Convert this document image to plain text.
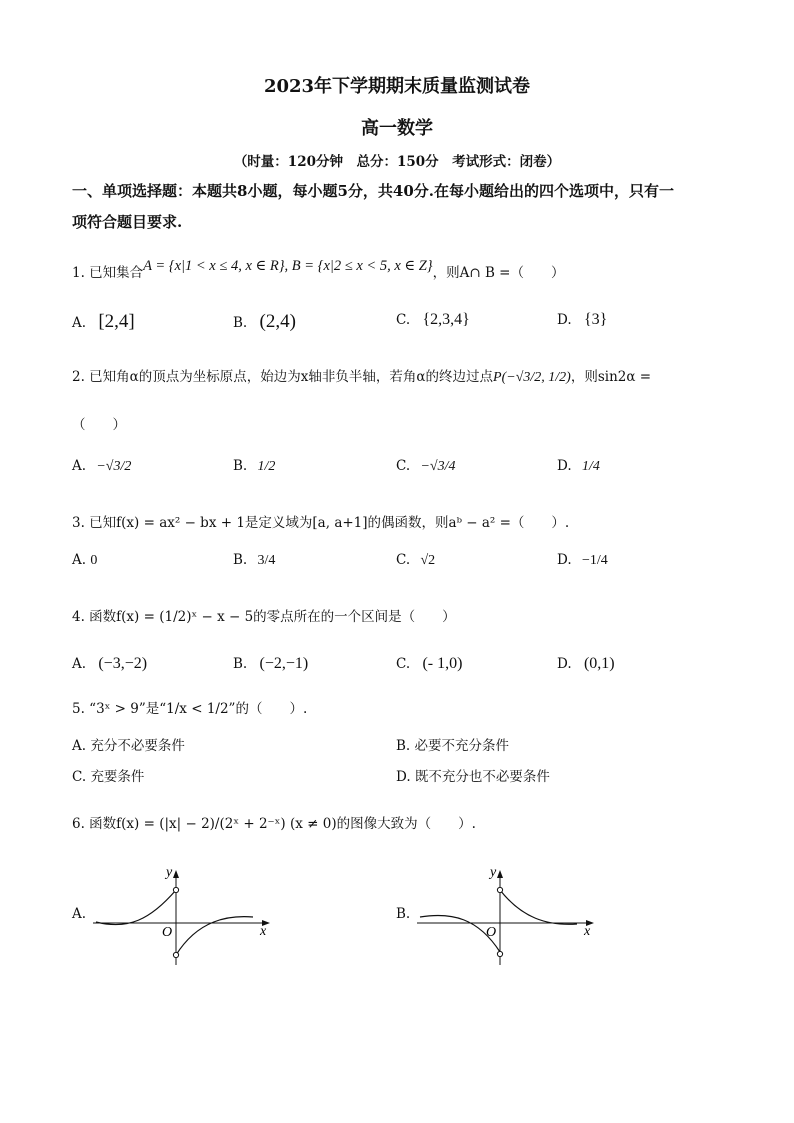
2023年下学期期末质量监测试卷
高一数学
（时量：120分钟　总分：150分　考试形式：闭卷）
一、单项选择题：本题共8小题，每小题5分，共40分.在每小题给出的四个选项中，只有一
项符合题目要求.
1. 已知集合A = {x|1 < x ≤ 4, x ∈ R}, B = {x|2 ≤ x < 5, x ∈ Z}，则A∩ B =（　　）
A. [2,4]	B. (2,4)	C. {2,3,4}	D. {3}
2. 已知角α的顶点为坐标原点，始边为x轴非负半轴，若角α的终边过点P(−√3/2, 1/2)，则sin2α =
（　　）
A. −√3/2	B. 1/2	C. −√3/4	D. 1/4
3. 已知f(x) = ax² − bx + 1是定义域为[a, a+1]的偶函数，则aᵇ − a² =（　　）.
A. 0	B. 3/4	C. √2	D. −1/4
4. 函数f(x) = (1/2)ˣ − x − 5的零点所在的一个区间是（　　）
A. (−3,−2)	B. (−2,−1)	C. (- 1,0)	D. (0,1)
5. “3ˣ > 9”是“1/x < 1/2”的（　　）.
A. 充分不必要条件	B. 必要不充分条件
C. 充要条件	D. 既不充分也不必要条件
6. 函数f(x) = (|x| − 2)/(2ˣ + 2⁻ˣ) (x ≠ 0)的图像大致为（　　）.
A.
y
x
O
B.
y
x
O
